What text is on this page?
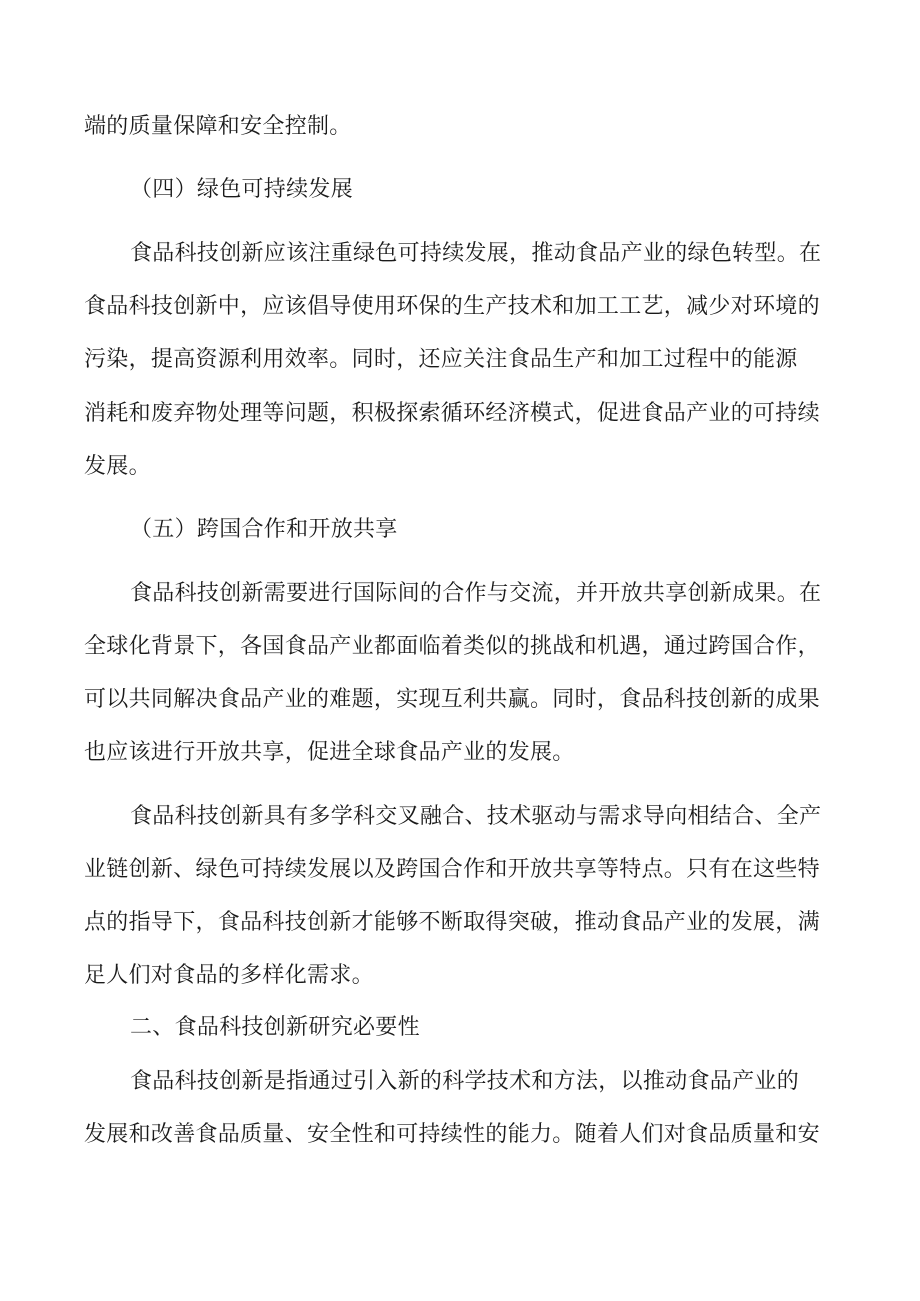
端的质量保障和安全控制。
（四）绿色可持续发展
食品科技创新应该注重绿色可持续发展，推动食品产业的绿色转型。在
食品科技创新中，应该倡导使用环保的生产技术和加工工艺，减少对环境的
污染，提高资源利用效率。同时，还应关注食品生产和加工过程中的能源
消耗和废弃物处理等问题，积极探索循环经济模式，促进食品产业的可持续
发展。
（五）跨国合作和开放共享
食品科技创新需要进行国际间的合作与交流，并开放共享创新成果。在
全球化背景下，各国食品产业都面临着类似的挑战和机遇，通过跨国合作，
可以共同解决食品产业的难题，实现互利共赢。同时，食品科技创新的成果
也应该进行开放共享，促进全球食品产业的发展。
食品科技创新具有多学科交叉融合、技术驱动与需求导向相结合、全产
业链创新、绿色可持续发展以及跨国合作和开放共享等特点。只有在这些特
点的指导下，食品科技创新才能够不断取得突破，推动食品产业的发展，满
足人们对食品的多样化需求。
二、食品科技创新研究必要性
食品科技创新是指通过引入新的科学技术和方法，以推动食品产业的
发展和改善食品质量、安全性和可持续性的能力。随着人们对食品质量和安
